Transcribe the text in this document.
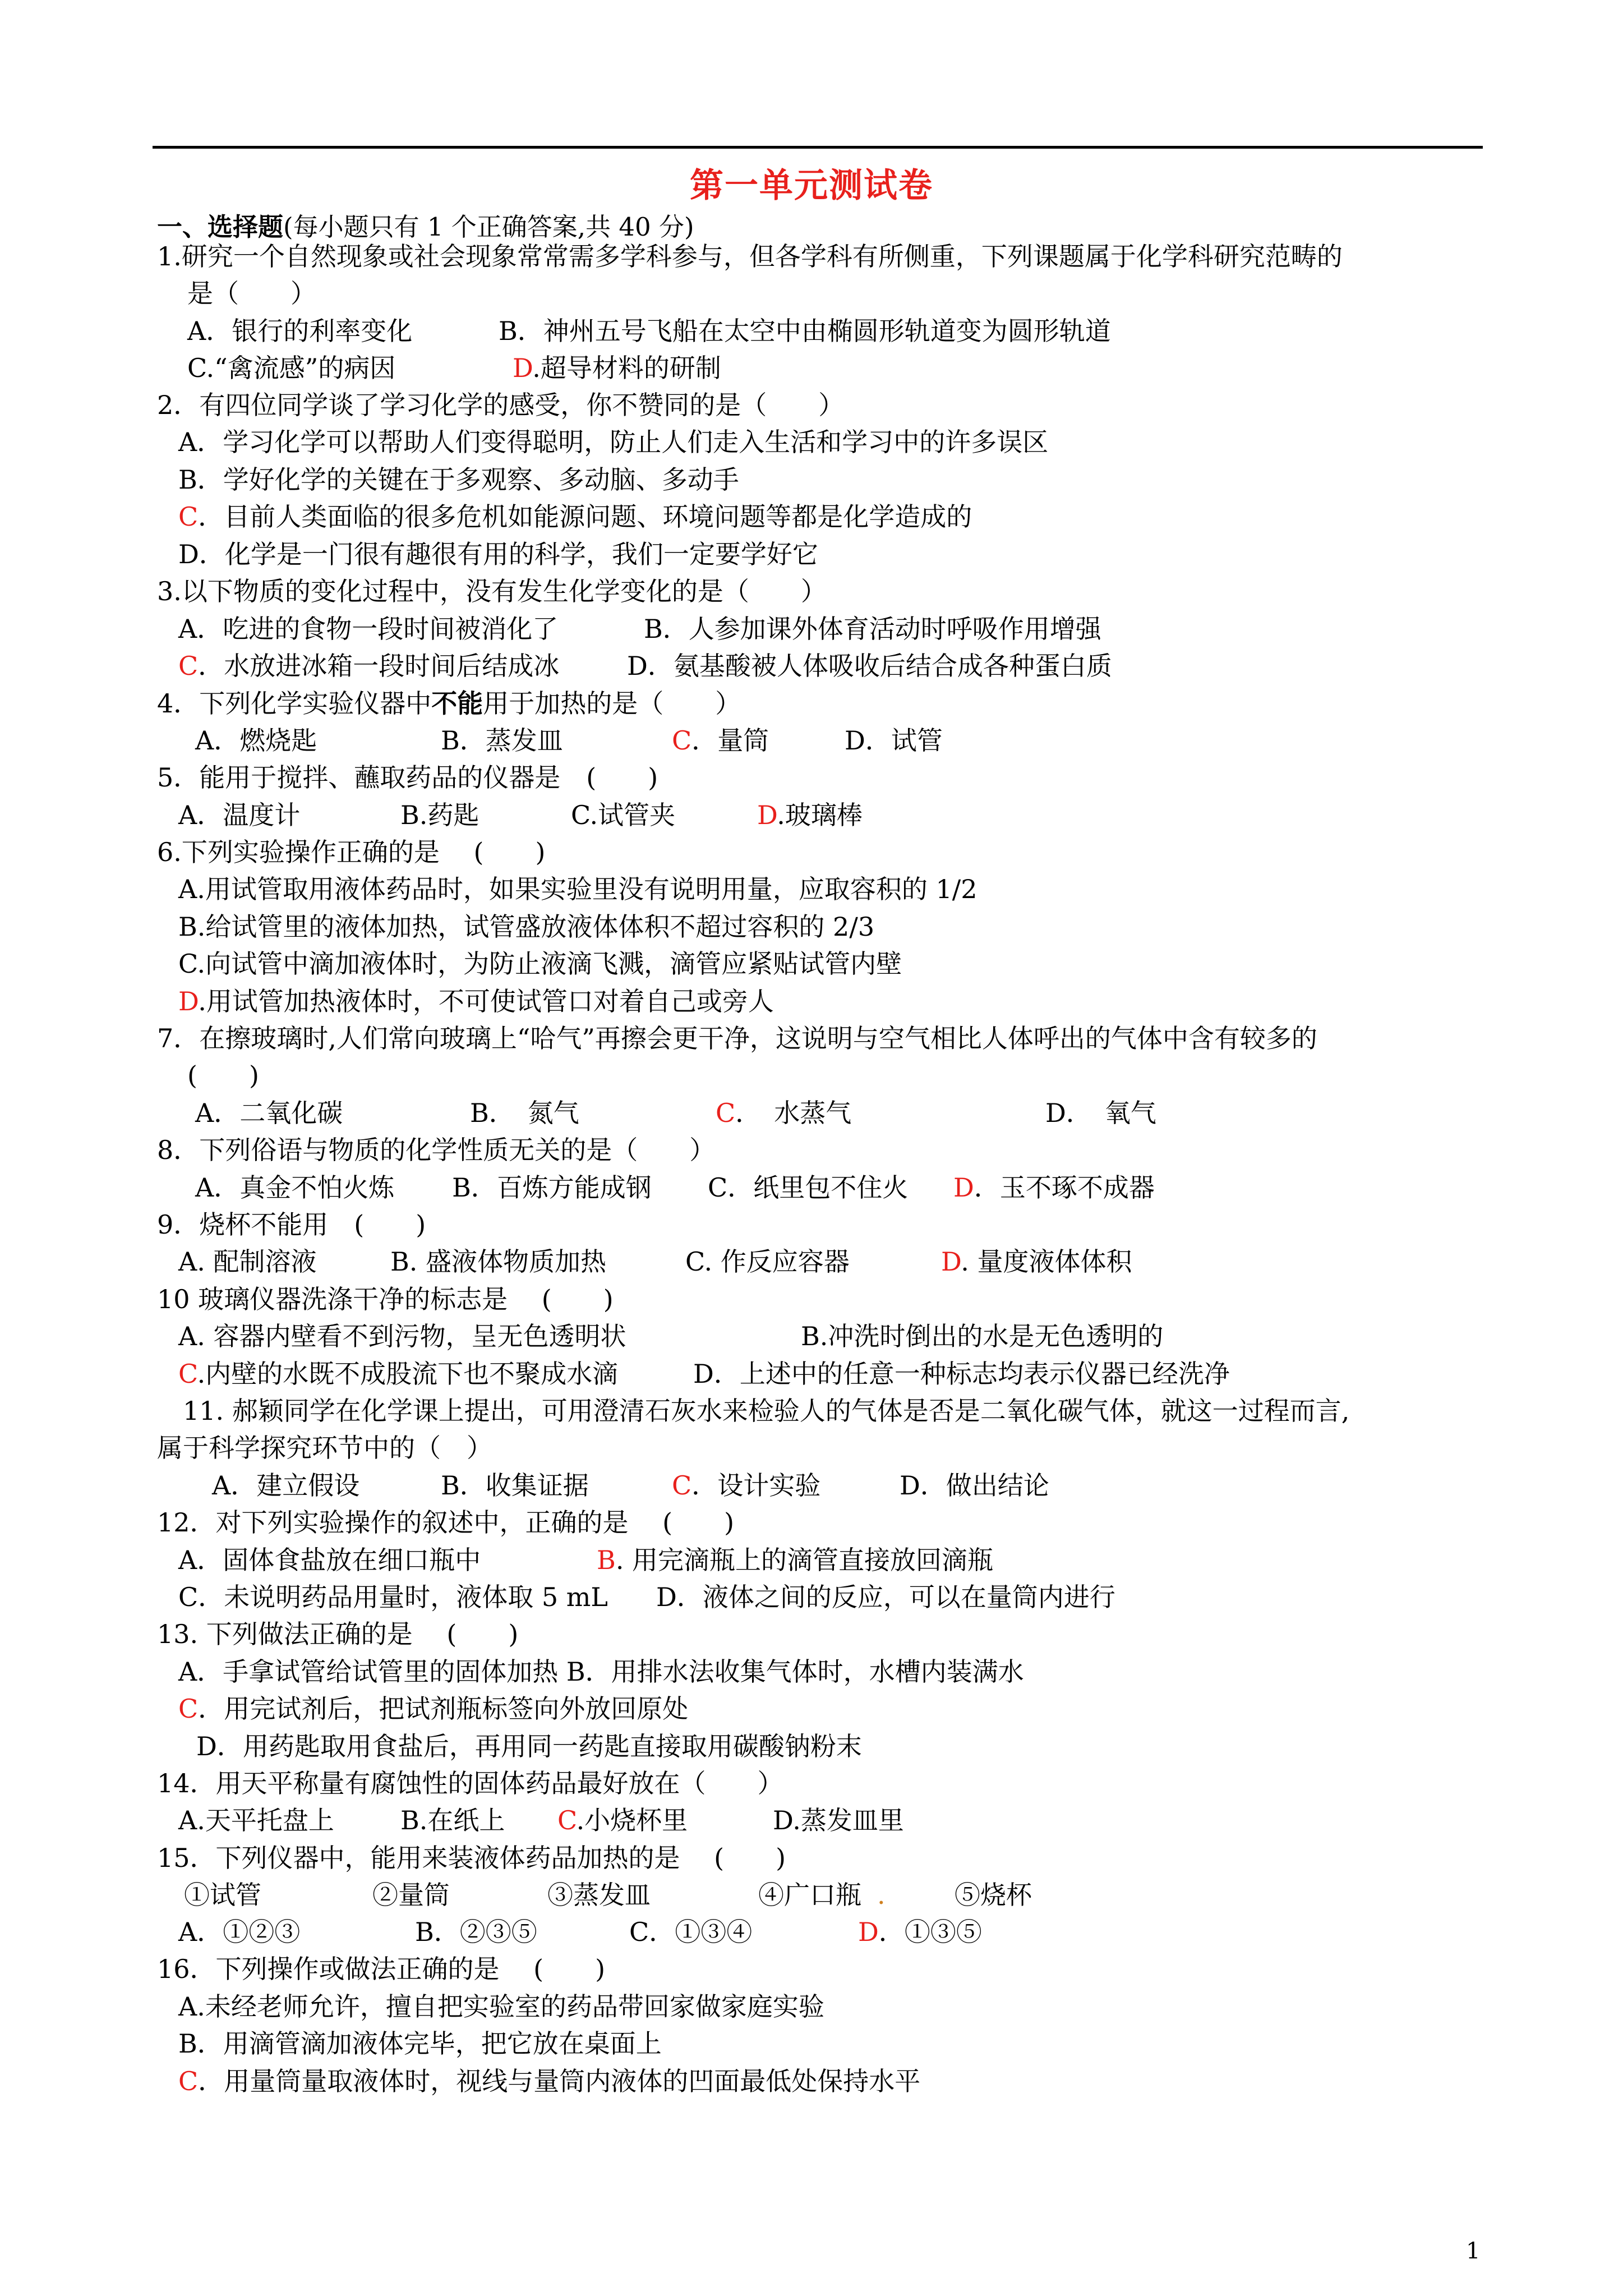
第一单元测试卷
一、选择题(每小题只有 1 个正确答案,共 40 分)
1.研究一个自然现象或社会现象常常需多学科参与，但各学科有所侧重，下列课题属于化学科研究范畴的
是（　　）
A．银行的利率变化	B．神州五号飞船在太空中由椭圆形轨道变为圆形轨道
C.“禽流感”的病因	D.超导材料的研制
2．有四位同学谈了学习化学的感受，你不赞同的是（　　）
A．学习化学可以帮助人们变得聪明，防止人们走入生活和学习中的许多误区
B．学好化学的关键在于多观察、多动脑、多动手
C．目前人类面临的很多危机如能源问题、环境问题等都是化学造成的
D．化学是一门很有趣很有用的科学，我们一定要学好它
3.以下物质的变化过程中，没有发生化学变化的是（　　）
A．吃进的食物一段时间被消化了	B．人参加课外体育活动时呼吸作用增强
C．水放进冰箱一段时间后结成冰	D．氨基酸被人体吸收后结合成各种蛋白质
4．下列化学实验仪器中不能用于加热的是（　　）
A．燃烧匙	B．蒸发皿	C．量筒	D．试管
5．能用于搅拌、蘸取药品的仪器是　(　　)
A．温度计	B.药匙	C.试管夹	D.玻璃棒
6.下列实验操作正确的是　 (　　)
A.用试管取用液体药品时，如果实验里没有说明用量，应取容积的 1/2
B.给试管里的液体加热，试管盛放液体体积不超过容积的 2/3
C.向试管中滴加液体时，为防止液滴飞溅，滴管应紧贴试管内壁
D.用试管加热液体时，不可使试管口对着自己或旁人
7．在擦玻璃时,人们常向玻璃上“哈气”再擦会更干净，这说明与空气相比人体呼出的气体中含有较多的
(　　)
A．二氧化碳	B．　氮气	C．　水蒸气	D．　氧气
8．下列俗语与物质的化学性质无关的是（　　）
A．真金不怕火炼 B．百炼方能成钢 C．纸里包不住火 D．玉不琢不成器
9．烧杯不能用　(　　)
A. 配制溶液	B. 盛液体物质加热	C. 作反应容器	D. 量度液体体积
10 玻璃仪器洗涤干净的标志是　 (　　)
A. 容器内壁看不到污物，呈无色透明状	B.冲洗时倒出的水是无色透明的
C.内壁的水既不成股流下也不聚成水滴	D．上述中的任意一种标志均表示仪器已经洗净
11. 郝颖同学在化学课上提出，可用澄清石灰水来检验人的气体是否是二氧化碳气体，就这一过程而言,
属于科学探究环节中的（　）
A．建立假设	B．收集证据	C．设计实验	D．做出结论
12．对下列实验操作的叙述中，正确的是　 (　　)
A．固体食盐放在细口瓶中	B. 用完滴瓶上的滴管直接放回滴瓶
C．未说明药品用量时，液体取 5 mL D．液体之间的反应，可以在量筒内进行
13. 下列做法正确的是　 (　　)
A．手拿试管给试管里的固体加热 B．用排水法收集气体时，水槽内装满水
C．用完试剂后，把试剂瓶标签向外放回原处
D．用药匙取用食盐后，再用同一药匙直接取用碳酸钠粉末
14．用天平称量有腐蚀性的固体药品最好放在（　　）
A.天平托盘上	B.在纸上 C.小烧杯里	D.蒸发皿里
15．下列仪器中，能用来装液体药品加热的是　 (　　)
①试管	②量筒	③蒸发皿	④广口瓶 .	⑤烧杯
A．①②③	B．②③⑤	C．①③④	D．①③⑤
16．下列操作或做法正确的是　 (　　)
A.未经老师允许，擅自把实验室的药品带回家做家庭实验
B．用滴管滴加液体完毕，把它放在桌面上
C．用量筒量取液体时，视线与量筒内液体的凹面最低处保持水平
1
